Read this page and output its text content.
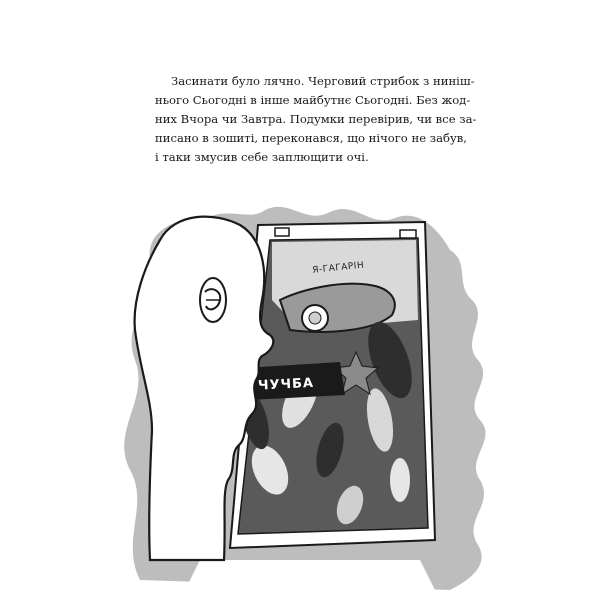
Засинати було лячно. Черговий стрибок з ниніш-
нього Сьогодні в інше майбутнє Сьогодні. Без жод-
них Вчора чи Завтра. Подумки перевірив, чи все за-
писано в зошиті, переконався, що нічого не забув,
і таки змусив себе заплющити очі.
ЧУЧБА
Я-ГАГАРІН
